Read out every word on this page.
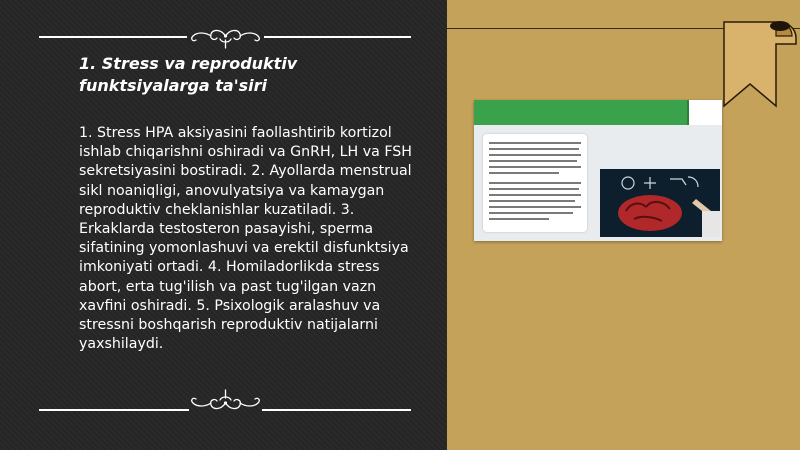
1. Stress va reproduktiv funktsiyalarga ta'siri

1. Stress HPA aksiyasini faollashtirib kortizol ishlab chiqarishni oshiradi va GnRH, LH va FSH sekretsiyasini bostiradi. 2. Ayollarda menstrual sikl noaniqligi, anovulyatsiya va kamaygan reproduktiv cheklanishlar kuzatiladi. 3. Erkaklarda testosteron pasayishi, sperma sifatining yomonlashuvi va erektil disfunktsiya imkoniyati ortadi. 4. Homiladorlikda stress abort, erta tug'ilish va past tug'ilgan vazn xavfini oshiradi. 5. Psixologik aralashuv va stressni boshqarish reproduktiv natijalarni yaxshilaydi.
